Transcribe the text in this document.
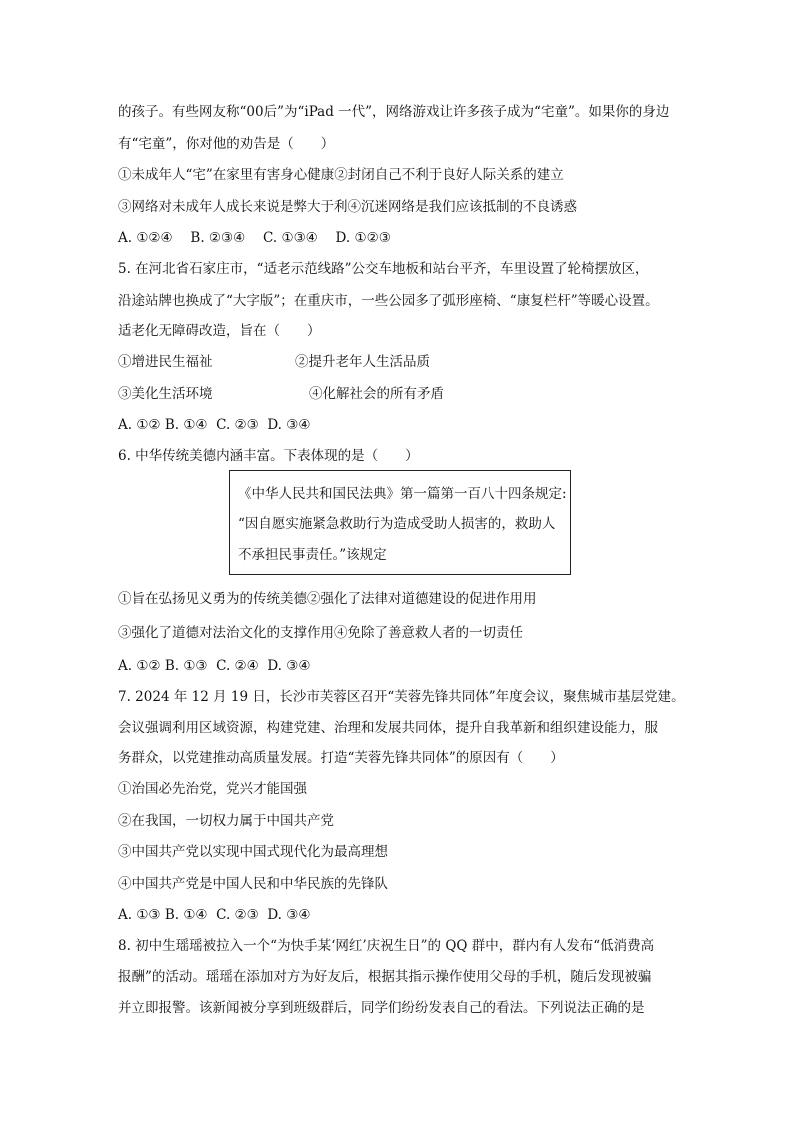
的孩子。有些网友称“00后”为“iPad 一代”，网络游戏让许多孩子成为“宅童”。如果你的身边
有“宅童”，你对他的劝告是（　　）
①未成年人“宅”在家里有害身心健康②封闭自己不利于良好人际关系的建立
③网络对未成年人成长来说是弊大于利④沉迷网络是我们应该抵制的不良诱惑
A. ①②④　 B. ②③④　 C. ①③④　 D. ①②③
5. 在河北省石家庄市，“适老示范线路”公交车地板和站台平齐，车里设置了轮椅摆放区，
沿途站牌也换成了“大字版”；在重庆市，一些公园多了弧形座椅、“康复栏杆”等暖心设置。
适老化无障碍改造，旨在（　　）
①增进民生福祉	②提升老年人生活品质
③美化生活环境	④化解社会的所有矛盾
A. ①② B. ①④  C. ②③  D. ③④
6. 中华传统美德内涵丰富。下表体现的是（　　）
《中华人民共和国民法典》第一篇第一百八十四条规定:
“因自愿实施紧急救助行为造成受助人损害的，救助人
不承担民事责任。”该规定
①旨在弘扬见义勇为的传统美德②强化了法律对道德建设的促进作用用
③强化了道德对法治文化的支撑作用④免除了善意救人者的一切责任
A. ①② B. ①③  C. ②④  D. ③④
7. 2024 年 12 月 19 日，长沙市芙蓉区召开“芙蓉先锋共同体”年度会议，聚焦城市基层党建。
会议强调利用区域资源，构建党建、治理和发展共同体，提升自我革新和组织建设能力，服
务群众，以党建推动高质量发展。打造“芙蓉先锋共同体”的原因有（　　）
①治国必先治党，党兴才能国强
②在我国，一切权力属于中国共产党
③中国共产党以实现中国式现代化为最高理想
④中国共产党是中国人民和中华民族的先锋队
A. ①③ B. ①④  C. ②③  D. ③④
8. 初中生瑶瑶被拉入一个“为快手某‘网红’庆祝生日”的 QQ 群中，群内有人发布“低消费高
报酬”的活动。瑶瑶在添加对方为好友后，根据其指示操作使用父母的手机，随后发现被骗
并立即报警。该新闻被分享到班级群后，同学们纷纷发表自己的看法。下列说法正确的是
